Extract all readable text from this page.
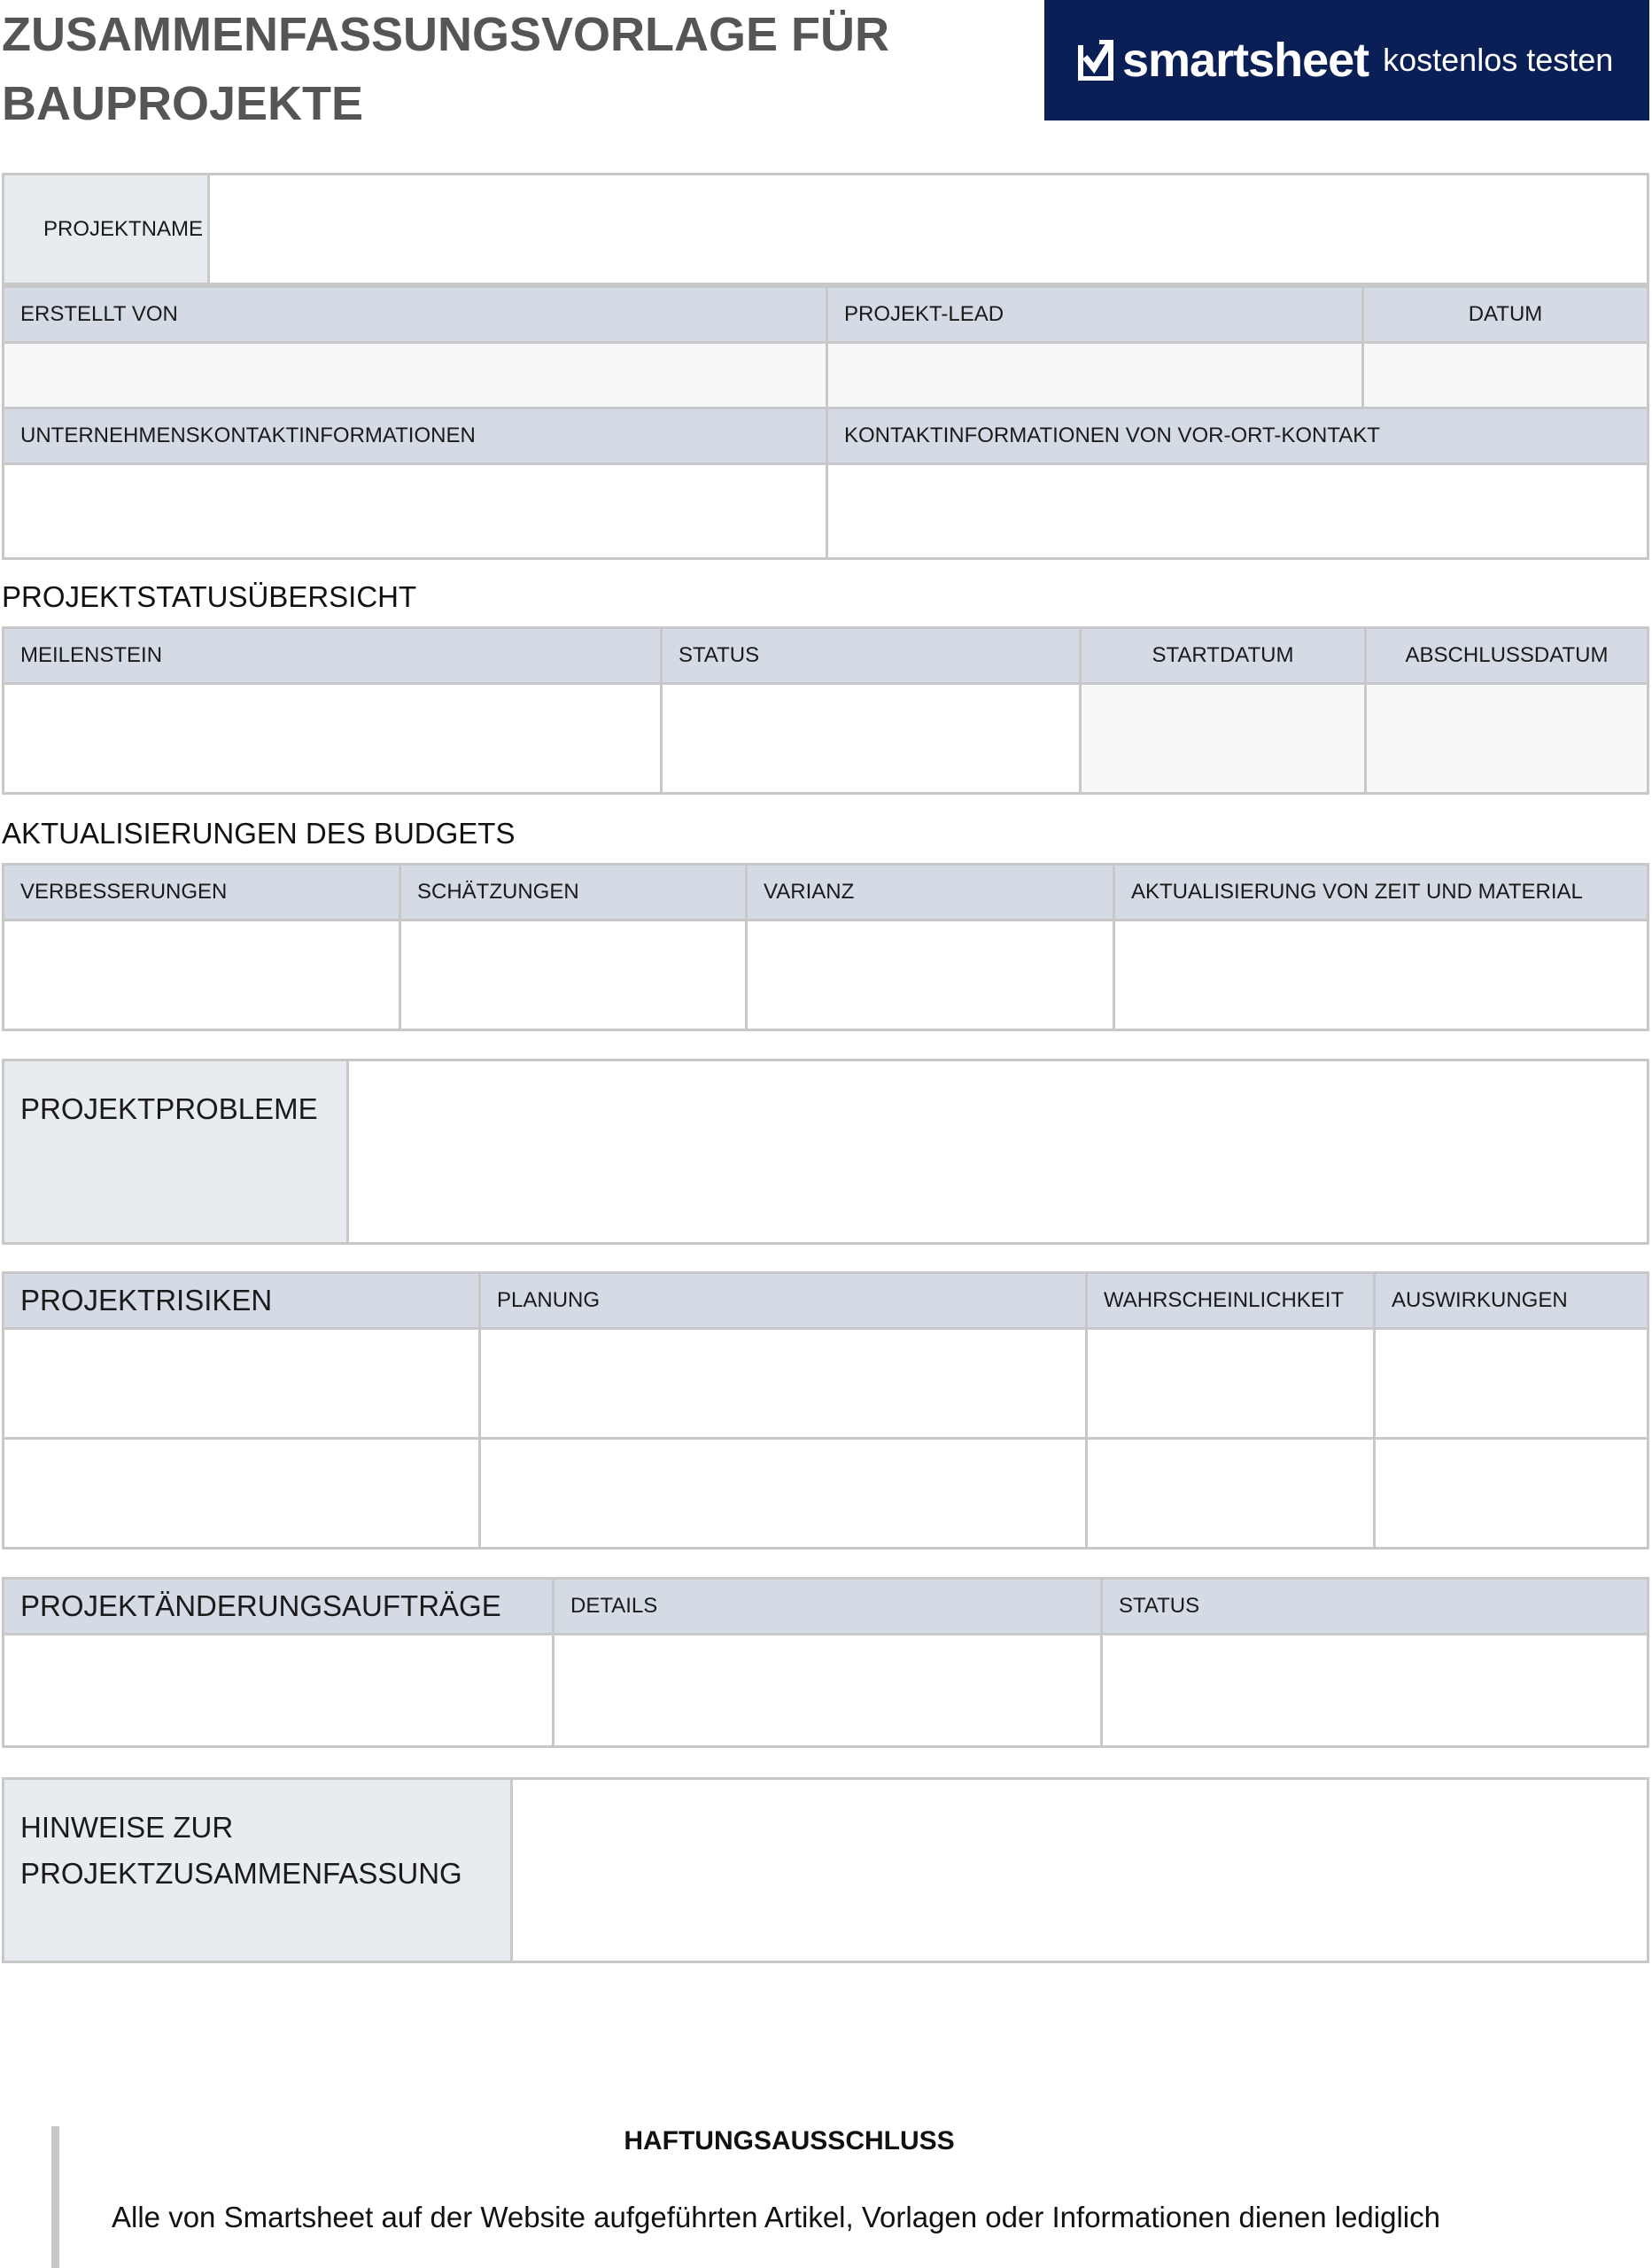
ZUSAMMENFASSUNGSVORLAGE FÜR
BAUPROJEKTE
smartsheet kostenlos testen
PROJEKTNAME	
ERSTELLT VON	PROJEKT-LEAD	DATUM

UNTERNEHMENSKONTAKTINFORMATIONEN	KONTAKTINFORMATIONEN VON VOR-ORT-KONTAKT	

PROJEKTSTATUSÜBERSICHT
MEILENSTEIN	STATUS	STARTDATUM	ABSCHLUSSDATUM

AKTUALISIERUNGEN DES BUDGETS
VERBESSERUNGEN	SCHÄTZUNGEN	VARIANZ	AKTUALISIERUNG VON ZEIT UND MATERIAL

PROJEKTPROBLEME	
PROJEKTRISIKEN	PLANUNG	WAHRSCHEINLICHKEIT	AUSWIRKUNGEN

PROJEKTÄNDERUNGSAUFTRÄGE	DETAILS	STATUS

HINWEISE ZUR
PROJEKTZUSAMMENFASSUNG	
HAFTUNGSAUSSCHLUSS
Alle von Smartsheet auf der Website aufgeführten Artikel, Vorlagen oder Informationen dienen lediglich
